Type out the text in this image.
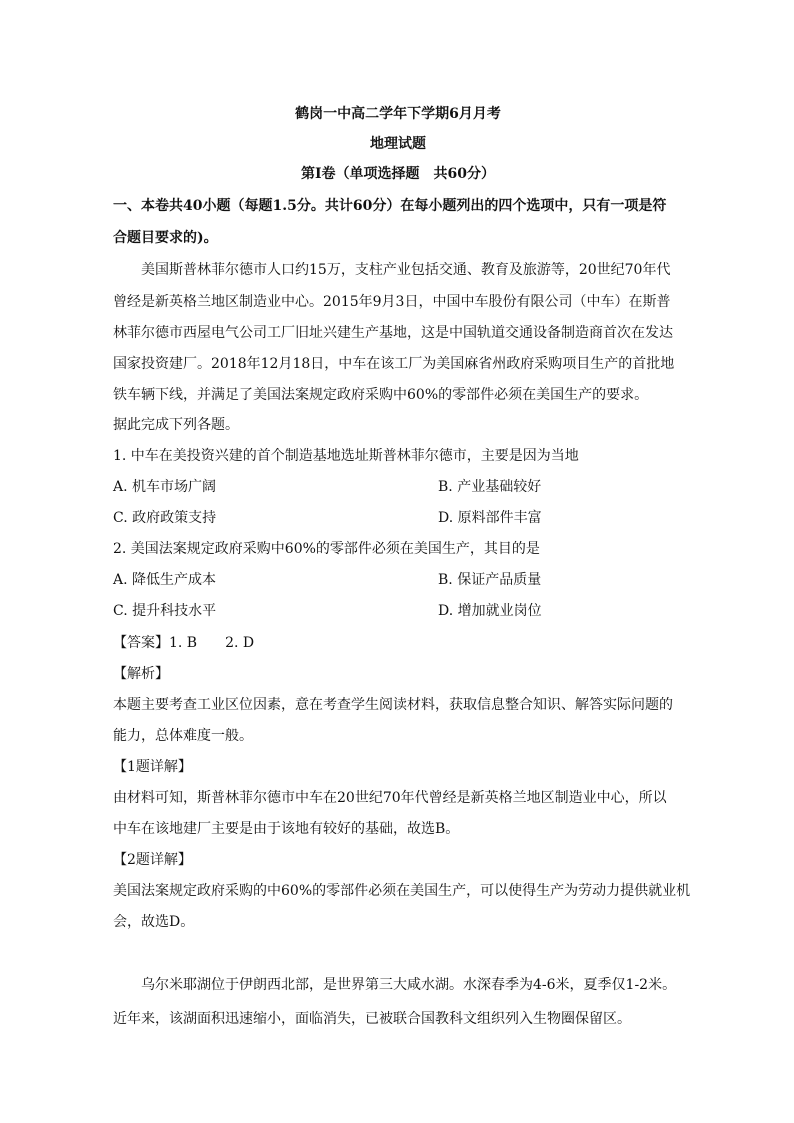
鹤岗一中高二学年下学期6月月考
地理试题
第Ⅰ卷（单项选择题　共60分）
一、本卷共40小题（每题1.5分。共计60分）在每小题列出的四个选项中，只有一项是符
合题目要求的)。
美国斯普林菲尔德市人口约15万，支柱产业包括交通、教育及旅游等，20世纪70年代
曾经是新英格兰地区制造业中心。2015年9月3日，中国中车股份有限公司（中车）在斯普
林菲尔德市西屋电气公司工厂旧址兴建生产基地，这是中国轨道交通设备制造商首次在发达
国家投资建厂。2018年12月18日，中车在该工厂为美国麻省州政府采购项目生产的首批地
铁车辆下线，并满足了美国法案规定政府采购中60%的零部件必须在美国生产的要求。
据此完成下列各题。
1. 中车在美投资兴建的首个制造基地选址斯普林菲尔德市，主要是因为当地
A. 机车市场广阔	B. 产业基础较好
C. 政府政策支持	D. 原料部件丰富
2. 美国法案规定政府采购中60%的零部件必须在美国生产，其目的是
A. 降低生产成本	B. 保证产品质量
C. 提升科技水平	D. 增加就业岗位
【答案】1. B　　2. D
【解析】
本题主要考查工业区位因素，意在考查学生阅读材料，获取信息整合知识、解答实际问题的
能力，总体难度一般。
【1题详解】
由材料可知，斯普林菲尔德市中车在20世纪70年代曾经是新英格兰地区制造业中心，所以
中车在该地建厂主要是由于该地有较好的基础，故选B。
【2题详解】
美国法案规定政府采购的中60%的零部件必须在美国生产，可以使得生产为劳动力提供就业机
会，故选D。
乌尔米耶湖位于伊朗西北部，是世界第三大咸水湖。水深春季为4-6米，夏季仅1-2米。
近年来，该湖面积迅速缩小，面临消失，已被联合国教科文组织列入生物圈保留区。
